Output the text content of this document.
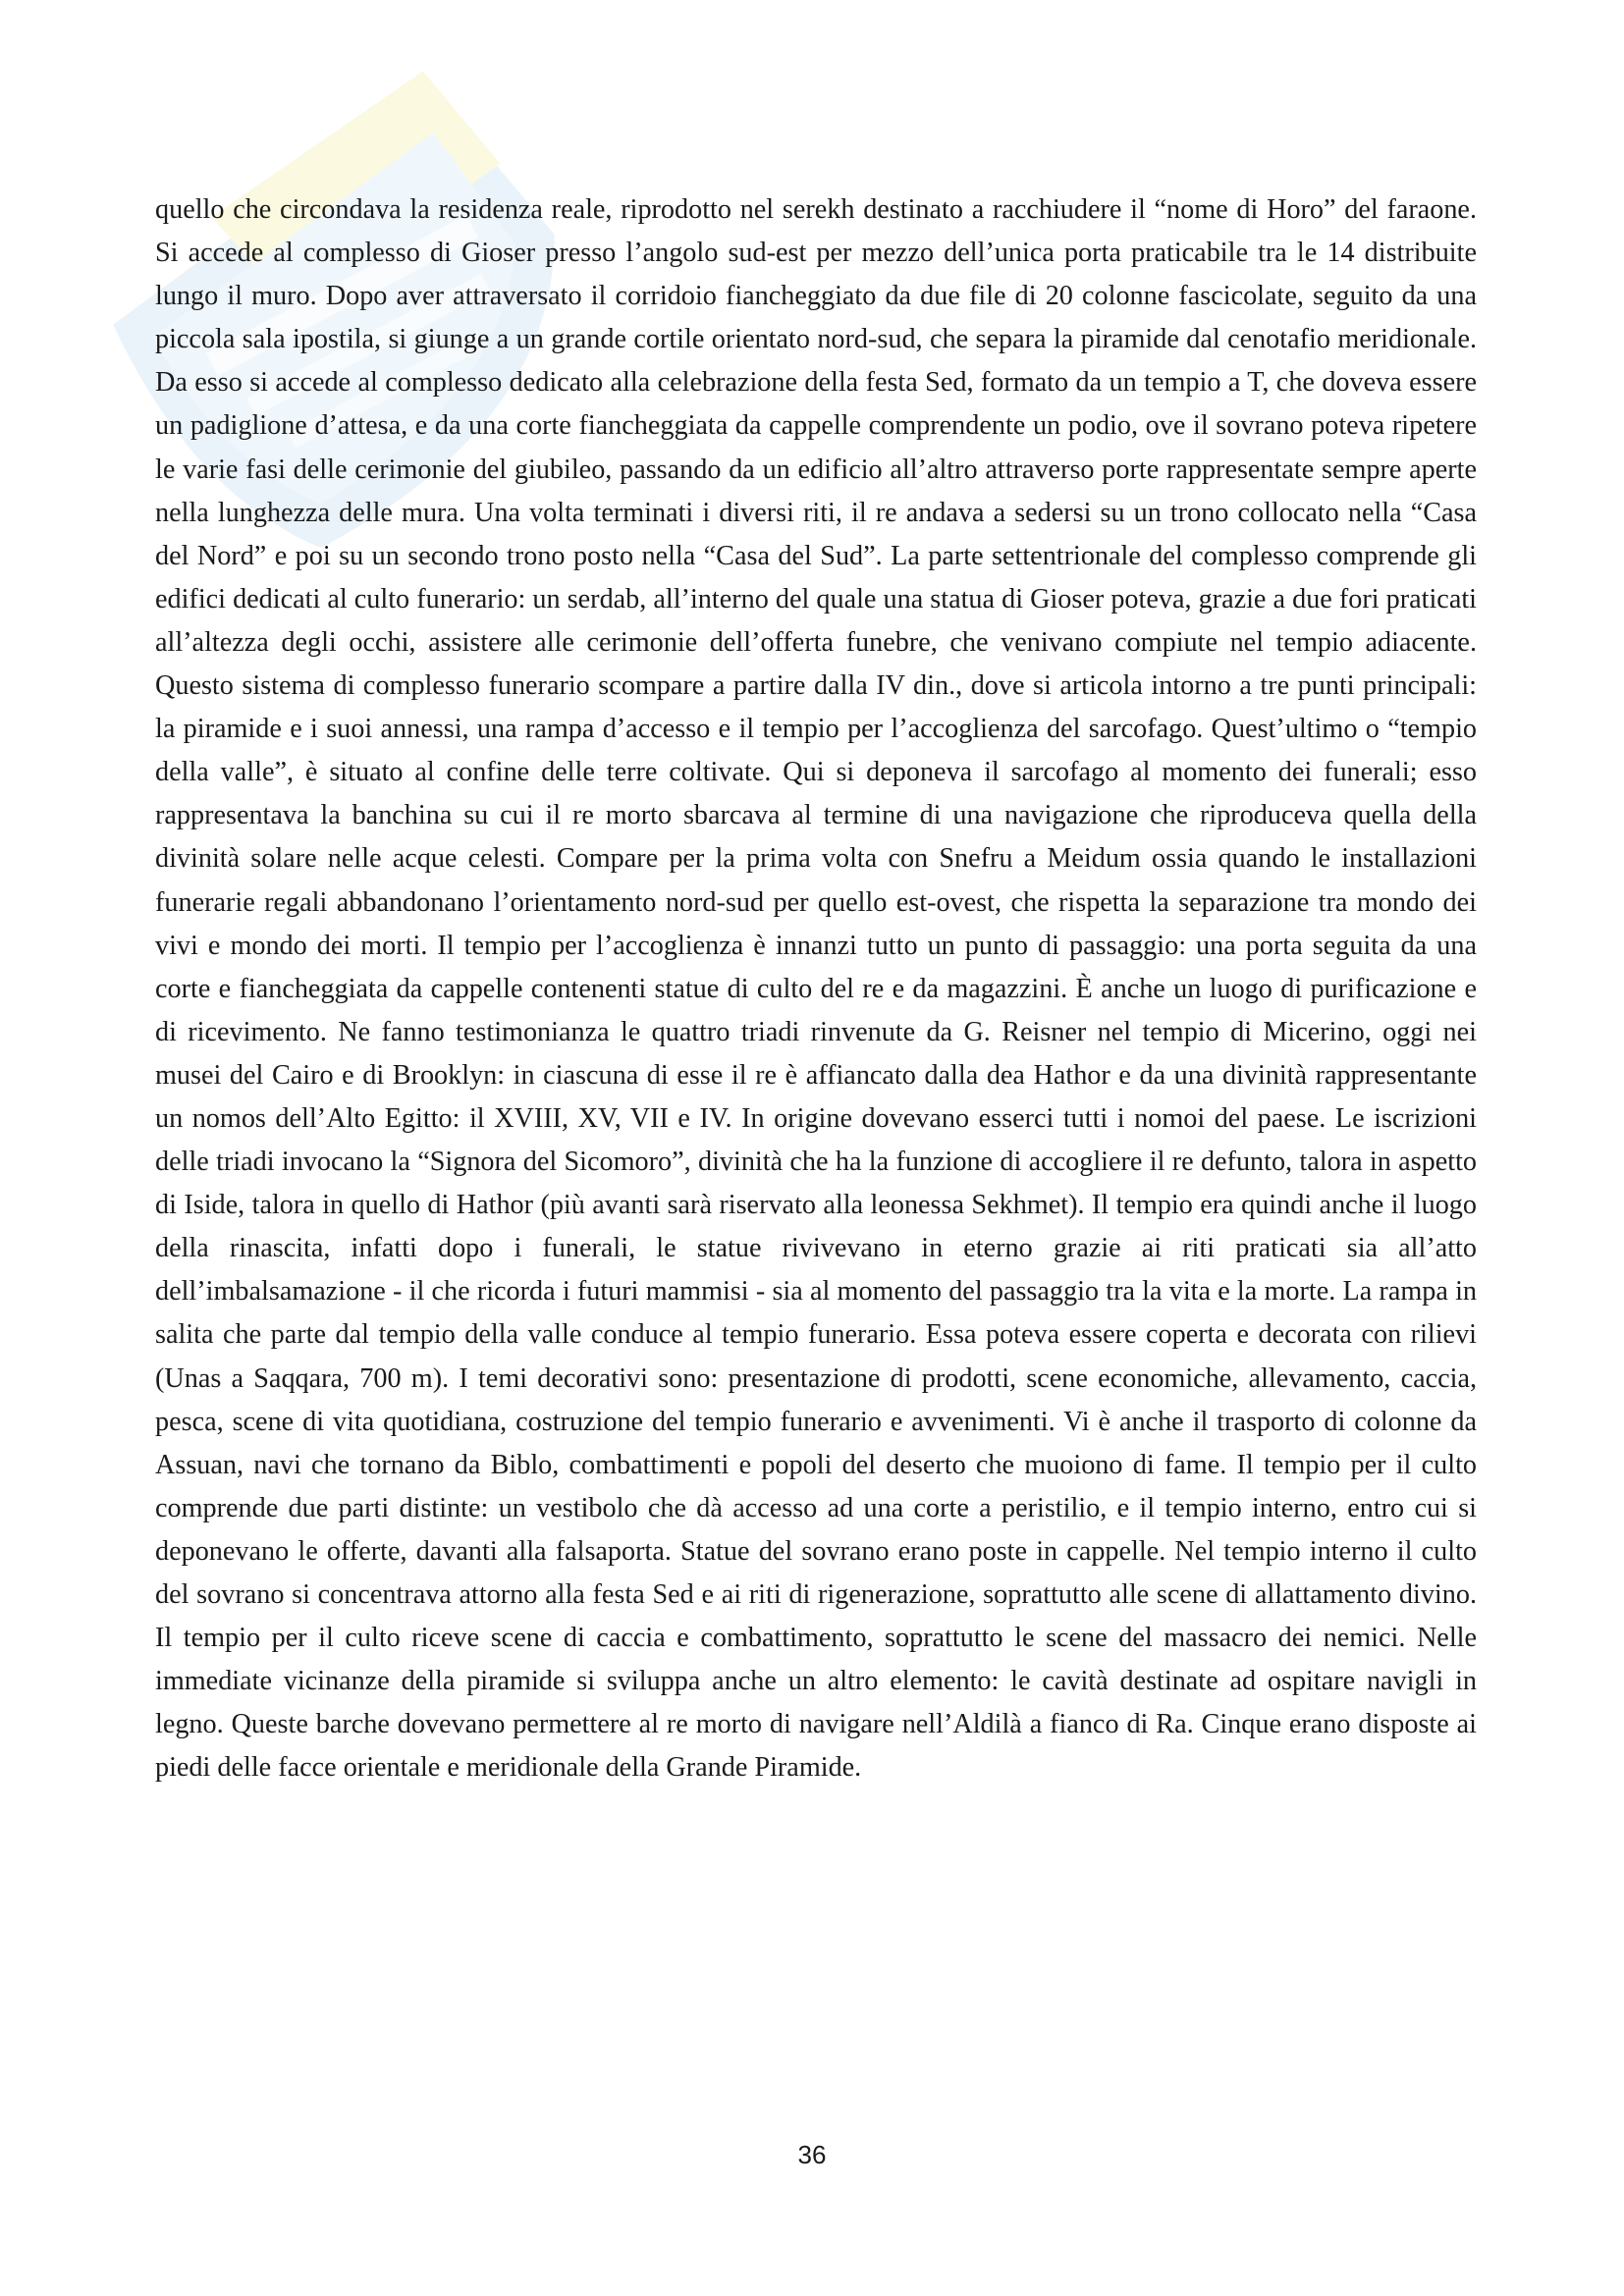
quello che circondava la residenza reale, riprodotto nel serekh destinato a racchiudere il “nome di Horo” del faraone. Si accede al complesso di Gioser presso l’angolo sud-est per mezzo dell’unica porta praticabile tra le 14 distribuite lungo il muro. Dopo aver attraversato il corridoio fiancheggiato da due file di 20 colonne fascicolate, seguito da una piccola sala ipostila, si giunge a un grande cortile orientato nord-sud, che separa la piramide dal cenotafio meridionale. Da esso si accede al complesso dedicato alla celebrazione della festa Sed, formato da un tempio a T, che doveva essere un padiglione d’attesa, e da una corte fiancheggiata da cappelle comprendente un podio, ove il sovrano poteva ripetere le varie fasi delle cerimonie del giubileo, passando da un edificio all’altro attraverso porte rappresentate sempre aperte nella lunghezza delle mura. Una volta terminati i diversi riti, il re andava a sedersi su un trono collocato nella “Casa del Nord” e poi su un secondo trono posto nella “Casa del Sud”. La parte settentrionale del complesso comprende gli edifici dedicati al culto funerario: un serdab, all’interno del quale una statua di Gioser poteva, grazie a due fori praticati all’altezza degli occhi, assistere alle cerimonie dell’offerta funebre, che venivano compiute nel tempio adiacente. Questo sistema di complesso funerario scompare a partire dalla IV din., dove si articola intorno a tre punti principali: la piramide e i suoi annessi, una rampa d’accesso e il tempio per l’accoglienza del sarcofago. Quest’ultimo o “tempio della valle”, è situato al confine delle terre coltivate. Qui si deponeva il sarcofago al momento dei funerali; esso rappresentava la banchina su cui il re morto sbarcava al termine di una navigazione che riproduceva quella della divinità solare nelle acque celesti. Compare per la prima volta con Snefru a Meidum ossia quando le installazioni funerarie regali abbandonano l’orientamento nord-sud per quello est-ovest, che rispetta la separazione tra mondo dei vivi e mondo dei morti. Il tempio per l’accoglienza è innanzi tutto un punto di passaggio: una porta seguita da una corte e fiancheggiata da cappelle contenenti statue di culto del re e da magazzini. È anche un luogo di purificazione e di ricevimento. Ne fanno testimonianza le quattro triadi rinvenute da G. Reisner nel tempio di Micerino, oggi nei musei del Cairo e di Brooklyn: in ciascuna di esse il re è affiancato dalla dea Hathor e da una divinità rappresentante un nomos dell’Alto Egitto: il XVIII, XV, VII e IV. In origine dovevano esserci tutti i nomoi del paese. Le iscrizioni delle triadi invocano la “Signora del Sicomoro”, divinità che ha la funzione di accogliere il re defunto, talora in aspetto di Iside, talora in quello di Hathor (più avanti sarà riservato alla leonessa Sekhmet). Il tempio era quindi anche il luogo della rinascita, infatti dopo i funerali, le statue rivivevano in eterno grazie ai riti praticati sia all’atto dell’imbalsamazione - il che ricorda i futuri mammisi - sia al momento del passaggio tra la vita e la morte. La rampa in salita che parte dal tempio della valle conduce al tempio funerario. Essa poteva essere coperta e decorata con rilievi (Unas a Saqqara, 700 m). I temi decorativi sono: presentazione di prodotti, scene economiche, allevamento, caccia, pesca, scene di vita quotidiana, costruzione del tempio funerario e avvenimenti. Vi è anche il trasporto di colonne da Assuan, navi che tornano da Biblo, combattimenti e popoli del deserto che muoiono di fame. Il tempio per il culto comprende due parti distinte: un vestibolo che dà accesso ad una corte a peristilio, e il tempio interno, entro cui si deponevano le offerte, davanti alla falsaporta. Statue del sovrano erano poste in cappelle. Nel tempio interno il culto del sovrano si concentrava attorno alla festa Sed e ai riti di rigenerazione, soprattutto alle scene di allattamento divino. Il tempio per il culto riceve scene di caccia e combattimento, soprattutto le scene del massacro dei nemici. Nelle immediate vicinanze della piramide si sviluppa anche un altro elemento: le cavità destinate ad ospitare navigli in legno. Queste barche dovevano permettere al re morto di navigare nell’Aldilà a fianco di Ra. Cinque erano disposte ai piedi delle facce orientale e meridionale della Grande Piramide.

36
